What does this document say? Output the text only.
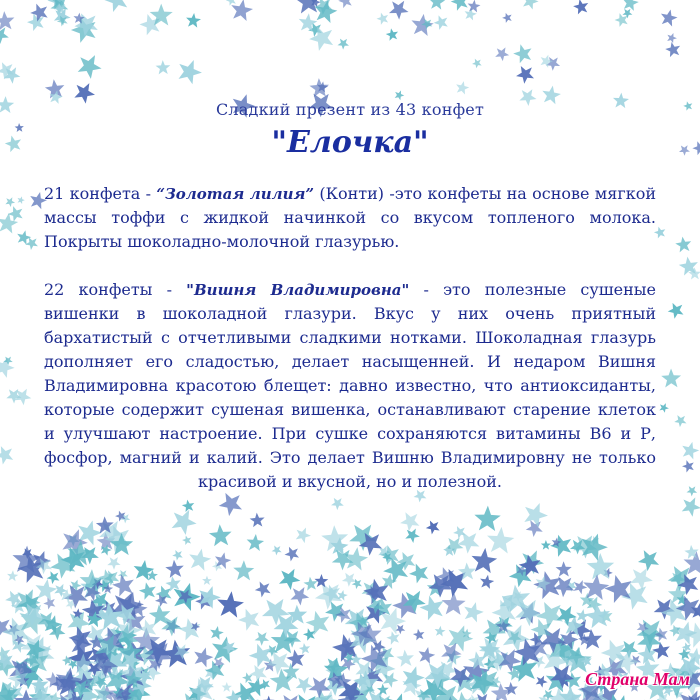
Сладкий презент из 43 конфет
"Елочка"

21 конфета - “Золотая лилия” (Конти) -это конфеты на основе мягкой массы тоффи с жидкой начинкой со вкусом топленого молока. Покрыты шоколадно-молочной глазурью.

22 конфеты - "Вишня Владимировна" - это полезные сушеные вишенки в шоколадной глазури. Вкус у них очень приятный бархатистый с отчетливыми сладкими нотками. Шоколадная глазурь дополняет его сладостью, делает насыщенней. И недаром Вишня Владимировна красотою блещет: давно известно, что антиоксиданты, которые содержит сушеная вишенка, останавливают старение клеток и улучшают настроение. При сушке сохраняются витамины В6 и Р, фосфор, магний и калий. Это делает Вишню Владимировну не только красивой и вкусной, но и полезной.

Страна Мам
